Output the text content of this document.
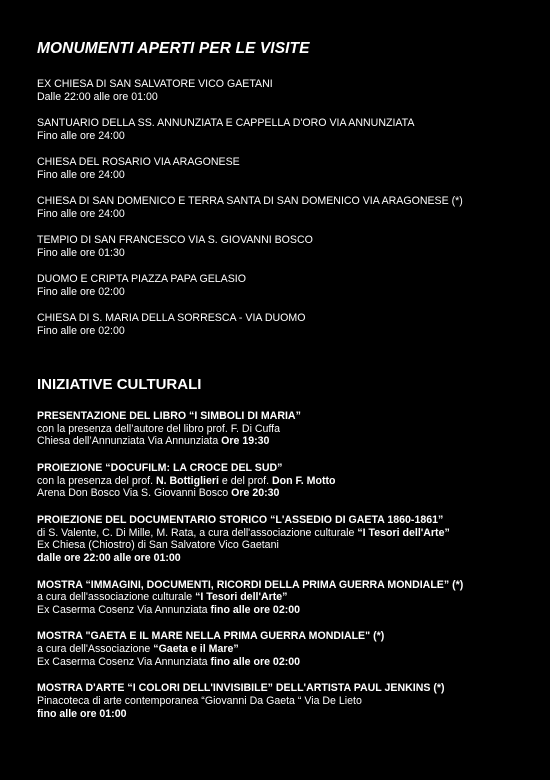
MONUMENTI APERTI PER LE VISITE
EX CHIESA DI SAN SALVATORE VICO GAETANI
Dalle 22:00 alle ore 01:00
SANTUARIO DELLA SS. ANNUNZIATA E CAPPELLA D'ORO VIA ANNUNZIATA
Fino alle ore 24:00
CHIESA DEL ROSARIO VIA ARAGONESE
Fino alle ore 24:00
CHIESA DI SAN DOMENICO E TERRA SANTA DI SAN DOMENICO VIA ARAGONESE (*)
Fino alle ore 24:00
TEMPIO DI SAN FRANCESCO VIA S. GIOVANNI BOSCO
Fino alle ore 01:30
DUOMO E CRIPTA PIAZZA PAPA GELASIO
Fino alle ore 02:00
CHIESA DI S. MARIA DELLA SORRESCA - VIA DUOMO
Fino alle ore 02:00
INIZIATIVE CULTURALI
PRESENTAZIONE DEL LIBRO “I SIMBOLI DI MARIA”
con la presenza dell’autore del libro prof. F. Di Cuffa
Chiesa dell’Annunziata Via Annunziata Ore 19:30
PROIEZIONE “DOCUFILM: LA CROCE DEL SUD”
con la presenza del prof. N. Bottiglieri e del prof. Don F. Motto
Arena Don Bosco Via S. Giovanni Bosco Ore 20:30
PROIEZIONE DEL DOCUMENTARIO STORICO “L'ASSEDIO DI GAETA 1860-1861”
di S. Valente, C. Di Mille, M. Rata, a cura dell'associazione culturale “I Tesori dell'Arte”
Ex Chiesa (Chiostro) di San Salvatore Vico Gaetani
dalle ore 22:00 alle ore 01:00
MOSTRA “IMMAGINI, DOCUMENTI, RICORDI DELLA PRIMA GUERRA MONDIALE” (*)
a cura dell'associazione culturale “I Tesori dell'Arte”
Ex Caserma Cosenz Via Annunziata fino alle ore 02:00
MOSTRA "GAETA E IL MARE NELLA PRIMA GUERRA MONDIALE" (*)
a cura dell'Associazione “Gaeta e il Mare”
Ex Caserma Cosenz Via Annunziata fino alle ore 02:00
MOSTRA D'ARTE “I COLORI DELL'INVISIBILE” DELL'ARTISTA PAUL JENKINS (*)
Pinacoteca di arte contemporanea “Giovanni Da Gaeta “ Via De Lieto
fino alle ore 01:00
